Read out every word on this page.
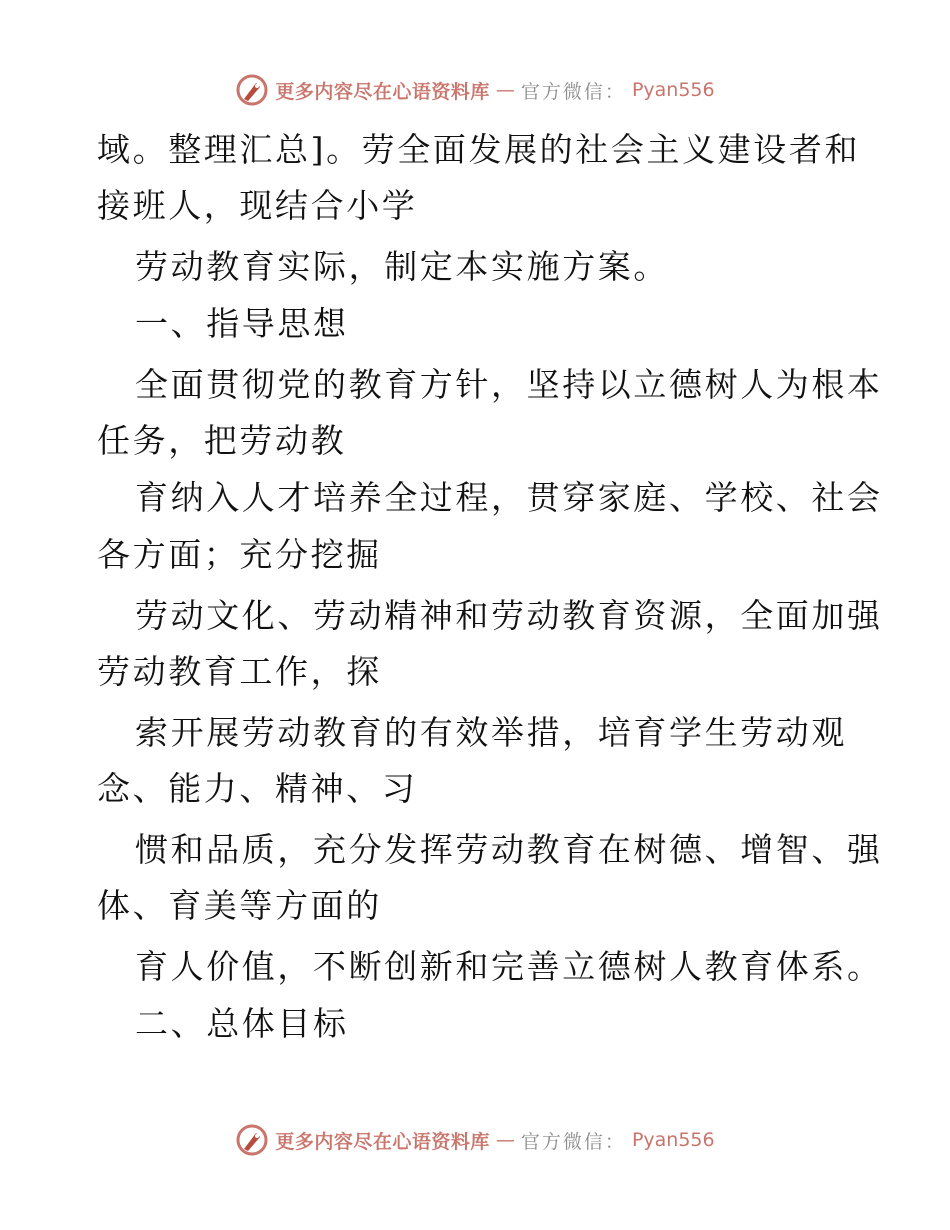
更多内容尽在心语资料库 — 官方微信： Pyan556
域。整理汇总]。劳全面发展的社会主义建设者和
接班人，现结合小学
劳动教育实际，制定本实施方案。
一、指导思想
全面贯彻党的教育方针，坚持以立德树人为根本
任务，把劳动教
育纳入人才培养全过程，贯穿家庭、学校、社会
各方面；充分挖掘
劳动文化、劳动精神和劳动教育资源，全面加强
劳动教育工作，探
索开展劳动教育的有效举措，培育学生劳动观
念、能力、精神、习
惯和品质，充分发挥劳动教育在树德、增智、强
体、育美等方面的
育人价值，不断创新和完善立德树人教育体系。
二、总体目标
更多内容尽在心语资料库 — 官方微信： Pyan556
